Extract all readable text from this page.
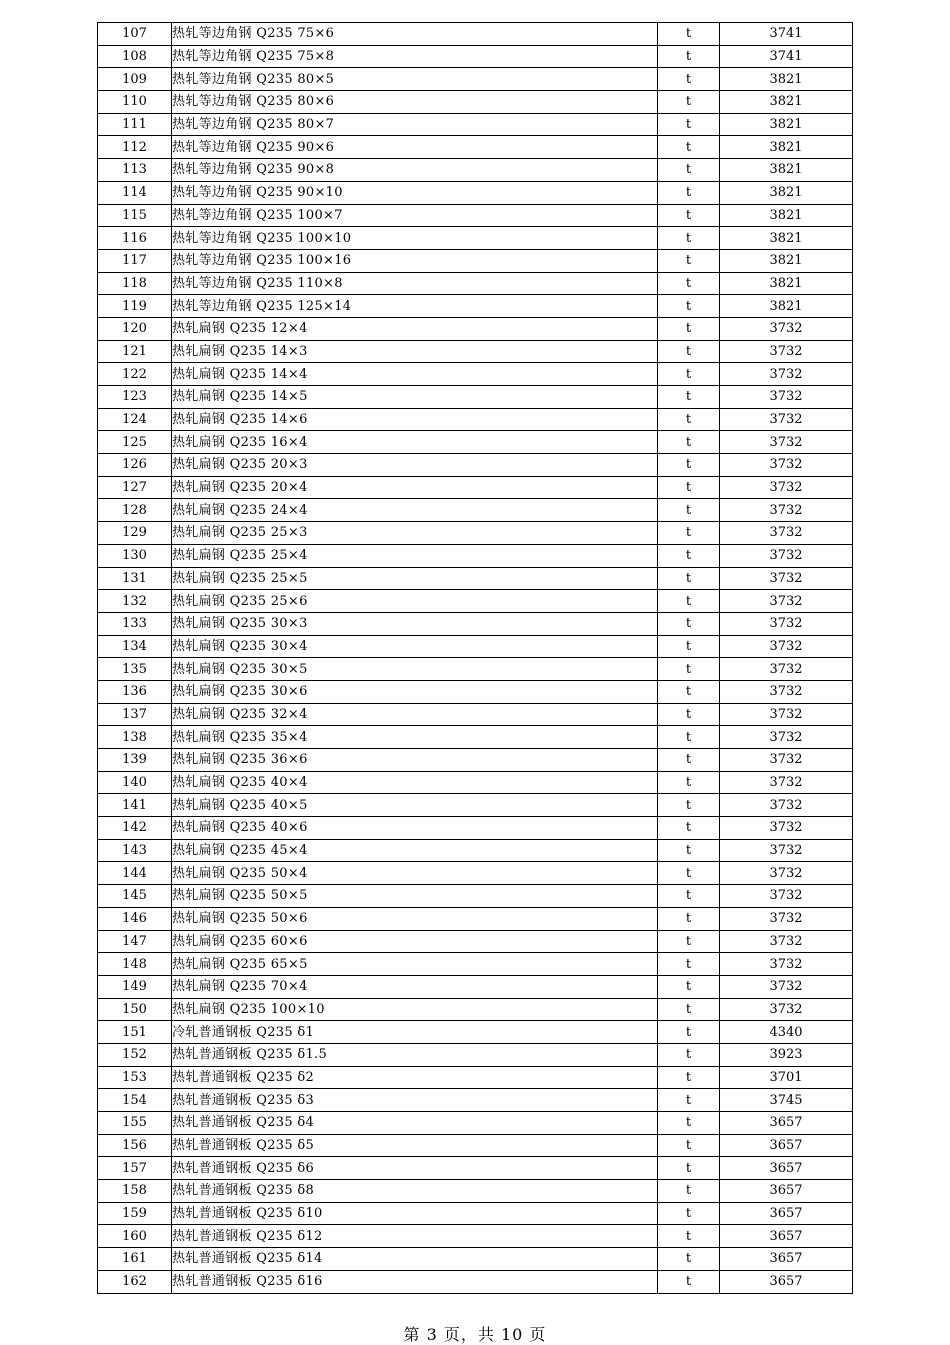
107	热轧等边角钢 Q235 75×6	t	3741
108	热轧等边角钢 Q235 75×8	t	3741
109	热轧等边角钢 Q235 80×5	t	3821
110	热轧等边角钢 Q235 80×6	t	3821
111	热轧等边角钢 Q235 80×7	t	3821
112	热轧等边角钢 Q235 90×6	t	3821
113	热轧等边角钢 Q235 90×8	t	3821
114	热轧等边角钢 Q235 90×10	t	3821
115	热轧等边角钢 Q235 100×7	t	3821
116	热轧等边角钢 Q235 100×10	t	3821
117	热轧等边角钢 Q235 100×16	t	3821
118	热轧等边角钢 Q235 110×8	t	3821
119	热轧等边角钢 Q235 125×14	t	3821
120	热轧扁钢 Q235 12×4	t	3732
121	热轧扁钢 Q235 14×3	t	3732
122	热轧扁钢 Q235 14×4	t	3732
123	热轧扁钢 Q235 14×5	t	3732
124	热轧扁钢 Q235 14×6	t	3732
125	热轧扁钢 Q235 16×4	t	3732
126	热轧扁钢 Q235 20×3	t	3732
127	热轧扁钢 Q235 20×4	t	3732
128	热轧扁钢 Q235 24×4	t	3732
129	热轧扁钢 Q235 25×3	t	3732
130	热轧扁钢 Q235 25×4	t	3732
131	热轧扁钢 Q235 25×5	t	3732
132	热轧扁钢 Q235 25×6	t	3732
133	热轧扁钢 Q235 30×3	t	3732
134	热轧扁钢 Q235 30×4	t	3732
135	热轧扁钢 Q235 30×5	t	3732
136	热轧扁钢 Q235 30×6	t	3732
137	热轧扁钢 Q235 32×4	t	3732
138	热轧扁钢 Q235 35×4	t	3732
139	热轧扁钢 Q235 36×6	t	3732
140	热轧扁钢 Q235 40×4	t	3732
141	热轧扁钢 Q235 40×5	t	3732
142	热轧扁钢 Q235 40×6	t	3732
143	热轧扁钢 Q235 45×4	t	3732
144	热轧扁钢 Q235 50×4	t	3732
145	热轧扁钢 Q235 50×5	t	3732
146	热轧扁钢 Q235 50×6	t	3732
147	热轧扁钢 Q235 60×6	t	3732
148	热轧扁钢 Q235 65×5	t	3732
149	热轧扁钢 Q235 70×4	t	3732
150	热轧扁钢 Q235 100×10	t	3732
151	冷轧普通钢板 Q235 δ1	t	4340
152	热轧普通钢板 Q235 δ1.5	t	3923
153	热轧普通钢板 Q235 δ2	t	3701
154	热轧普通钢板 Q235 δ3	t	3745
155	热轧普通钢板 Q235 δ4	t	3657
156	热轧普通钢板 Q235 δ5	t	3657
157	热轧普通钢板 Q235 δ6	t	3657
158	热轧普通钢板 Q235 δ8	t	3657
159	热轧普通钢板 Q235 δ10	t	3657
160	热轧普通钢板 Q235 δ12	t	3657
161	热轧普通钢板 Q235 δ14	t	3657
162	热轧普通钢板 Q235 δ16	t	3657
第 3 页，共 10 页
